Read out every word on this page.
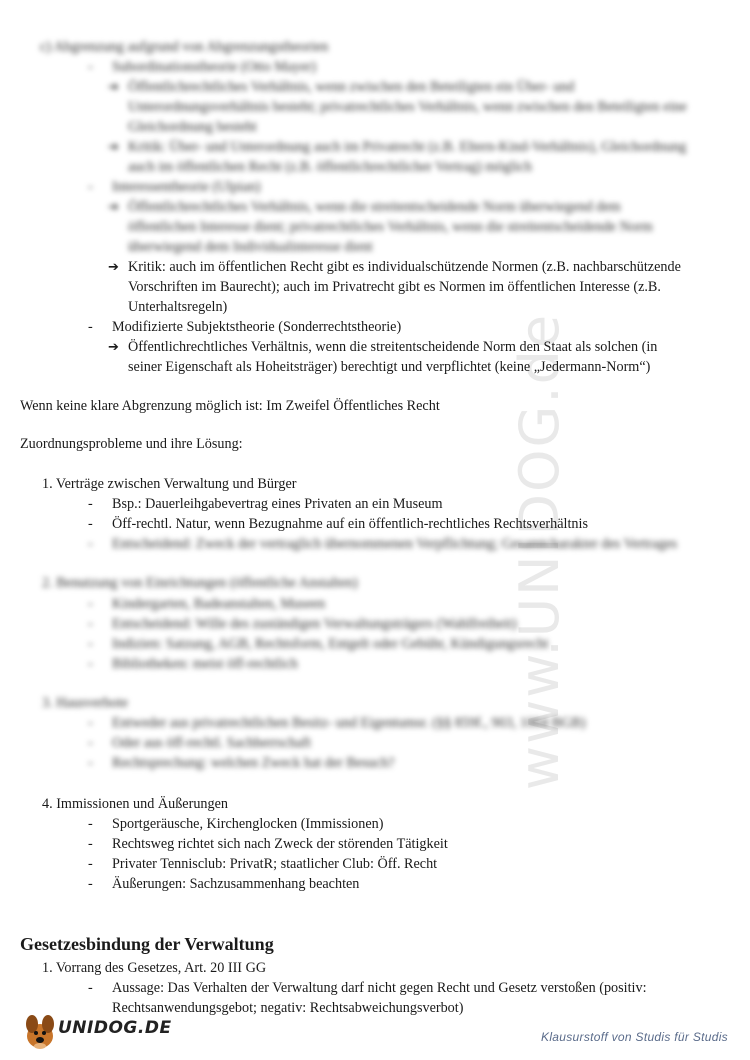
www.UNIDOG.de
c) Abgrenzung aufgrund von Abgrenzungstheorien
- Subordinationstheorie (Otto Mayer)
➔ Öffentlichrechtliches Verhältnis, wenn zwischen den Beteiligten ein Über- und
Unterordnungsverhältnis besteht; privatrechtliches Verhältnis, wenn zwischen den Beteiligten eine
Gleichordnung besteht
➔ Kritik: Über- und Unterordnung auch im Privatrecht (z.B. Eltern-Kind-Verhältnis), Gleichordnung
auch im öffentlichen Recht (z.B. öffentlichrechtlicher Vertrag) möglich
- Interessentheorie (Ulpian)
➔ Öffentlichrechtliches Verhältnis, wenn die streitentscheidende Norm überwiegend dem
öffentlichen Interesse dient; privatrechtliches Verhältnis, wenn die streitentscheidende Norm
überwiegend dem Individualinteresse dient
➔ Kritik: auch im öffentlichen Recht gibt es individualschützende Normen (z.B. nachbarschützende
Vorschriften im Baurecht); auch im Privatrecht gibt es Normen im öffentlichen Interesse (z.B.
Unterhaltsregeln)
- Modifizierte Subjektstheorie (Sonderrechtstheorie)
➔ Öffentlichrechtliches Verhältnis, wenn die streitentscheidende Norm den Staat als solchen (in
seiner Eigenschaft als Hoheitsträger) berechtigt und verpflichtet (keine „Jedermann-Norm“)
Wenn keine klare Abgrenzung möglich ist: Im Zweifel Öffentliches Recht
Zuordnungsprobleme und ihre Lösung:
1. Verträge zwischen Verwaltung und Bürger
- Bsp.: Dauerleihgabevertrag eines Privaten an ein Museum
- Öff-rechtl. Natur, wenn Bezugnahme auf ein öffentlich-rechtliches Rechtsverhältnis
- Entscheidend: Zweck der vertraglich übernommenen Verpflichtung; Gesamtcharakter des Vertrages
2. Benutzung von Einrichtungen (öffentliche Anstalten)
- Kindergarten, Badeanstalten, Museen
- Entscheidend: Wille des zuständigen Verwaltungsträgers (Wahlfreiheit)
- Indizien: Satzung, AGB, Rechtsform, Entgelt oder Gebühr, Kündigungsrecht
- Bibliotheken: meist öff-rechtlich
3. Hausverbote
- Entweder aus privatrechtlichen Besitz- und Eigentumsr. (§§ 859f., 903, 1004 BGB)
- Oder aus öff-rechtl. Sachherrschaft
- Rechtsprechung: welchen Zweck hat der Besuch?
4. Immissionen und Äußerungen
- Sportgeräusche, Kirchenglocken (Immissionen)
- Rechtsweg richtet sich nach Zweck der störenden Tätigkeit
- Privater Tennisclub: PrivatR; staatlicher Club: Öff. Recht
- Äußerungen: Sachzusammenhang beachten
Gesetzesbindung der Verwaltung
1. Vorrang des Gesetzes, Art. 20 III GG
- Aussage: Das Verhalten der Verwaltung darf nicht gegen Recht und Gesetz verstoßen (positiv:
Rechtsanwendungsgebot; negativ: Rechtsabweichungsverbot)
UNIDOG.DE	Klausurstoff von Studis für Studis
